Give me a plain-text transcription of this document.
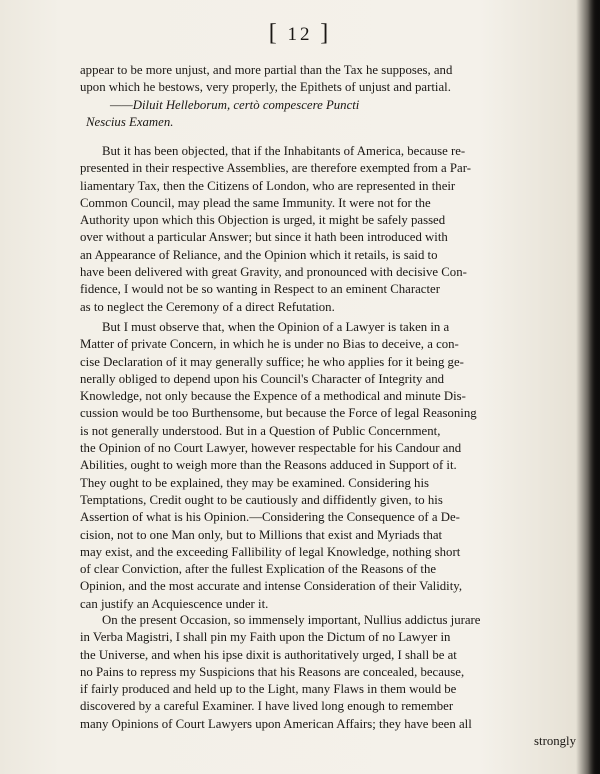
[ 12 ]
appear to be more unjust, and more partial than the Tax he supposes, and
upon which he bestows, very properly, the Epithets of unjust and partial.
——Diluit Helleborum, certò compescere Puncti
Nescius Examen.
But it has been objected, that if the Inhabitants of America, because re-
presented in their respective Assemblies, are therefore exempted from a Par-
liamentary Tax, then the Citizens of London, who are represented in their
Common Council, may plead the same Immunity. It were not for the
Authority upon which this Objection is urged, it might be safely passed
over without a particular Answer; but since it hath been introduced with
an Appearance of Reliance, and the Opinion which it retails, is said to
have been delivered with great Gravity, and pronounced with decisive Con-
fidence, I would not be so wanting in Respect to an eminent Character
as to neglect the Ceremony of a direct Refutation.
But I must observe that, when the Opinion of a Lawyer is taken in a
Matter of private Concern, in which he is under no Bias to deceive, a con-
cise Declaration of it may generally suffice; he who applies for it being ge-
nerally obliged to depend upon his Council's Character of Integrity and
Knowledge, not only because the Expence of a methodical and minute Dis-
cussion would be too Burthensome, but because the Force of legal Reasoning
is not generally understood. But in a Question of Public Concernment,
the Opinion of no Court Lawyer, however respectable for his Candour and
Abilities, ought to weigh more than the Reasons adduced in Support of it.
They ought to be explained, they may be examined. Considering his
Temptations, Credit ought to be cautiously and diffidently given, to his
Assertion of what is his Opinion.—Considering the Consequence of a De-
cision, not to one Man only, but to Millions that exist and Myriads that
may exist, and the exceeding Fallibility of legal Knowledge, nothing short
of clear Conviction, after the fullest Explication of the Reasons of the
Opinion, and the most accurate and intense Consideration of their Validity,
can justify an Acquiescence under it.
On the present Occasion, so immensely important, Nullius addictus jurare
in Verba Magistri, I shall pin my Faith upon the Dictum of no Lawyer in
the Universe, and when his ipse dixit is authoritatively urged, I shall be at
no Pains to repress my Suspicions that his Reasons are concealed, because,
if fairly produced and held up to the Light, many Flaws in them would be
discovered by a careful Examiner. I have lived long enough to remember
many Opinions of Court Lawyers upon American Affairs; they have been all
strongly
